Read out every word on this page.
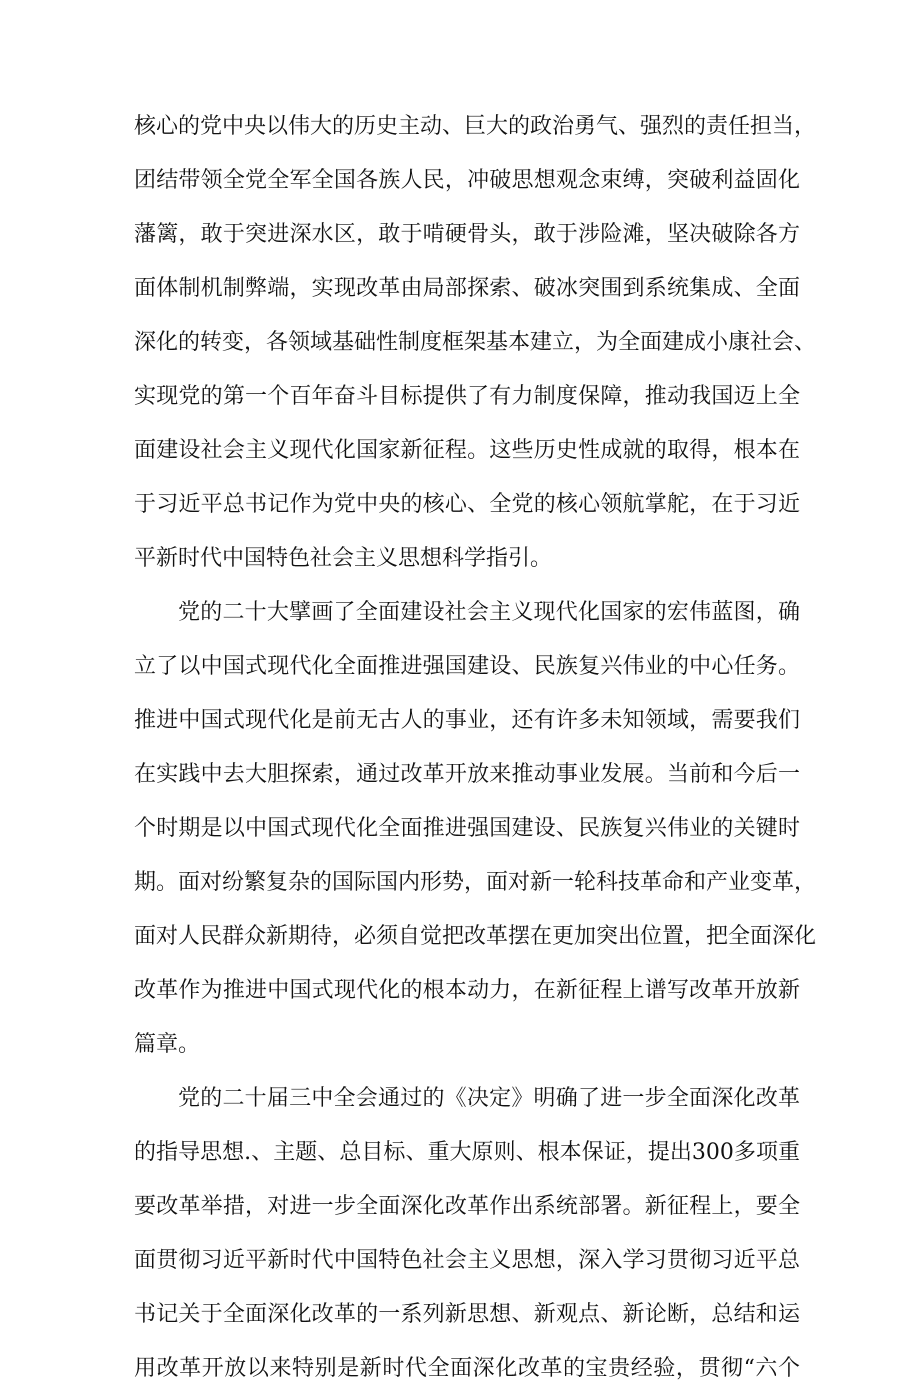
核心的党中央以伟大的历史主动、巨大的政治勇气、强烈的责任担当，
团结带领全党全军全国各族人民，冲破思想观念束缚，突破利益固化
藩篱，敢于突进深水区，敢于啃硬骨头，敢于涉险滩，坚决破除各方
面体制机制弊端，实现改革由局部探索、破冰突围到系统集成、全面
深化的转变，各领域基础性制度框架基本建立，为全面建成小康社会、
实现党的第一个百年奋斗目标提供了有力制度保障，推动我国迈上全
面建设社会主义现代化国家新征程。这些历史性成就的取得，根本在
于习近平总书记作为党中央的核心、全党的核心领航掌舵，在于习近
平新时代中国特色社会主义思想科学指引。
党的二十大擘画了全面建设社会主义现代化国家的宏伟蓝图，确
立了以中国式现代化全面推进强国建设、民族复兴伟业的中心任务。
推进中国式现代化是前无古人的事业，还有许多未知领域，需要我们
在实践中去大胆探索，通过改革开放来推动事业发展。当前和今后一
个时期是以中国式现代化全面推进强国建设、民族复兴伟业的关键时
期。面对纷繁复杂的国际国内形势，面对新一轮科技革命和产业变革，
面对人民群众新期待，必须自觉把改革摆在更加突出位置，把全面深化
改革作为推进中国式现代化的根本动力，在新征程上谱写改革开放新
篇章。
党的二十届三中全会通过的《决定》明确了进一步全面深化改革
的指导思想.、主题、总目标、重大原则、根本保证，提出300多项重
要改革举措，对进一步全面深化改革作出系统部署。新征程上，要全
面贯彻习近平新时代中国特色社会主义思想，深入学习贯彻习近平总
书记关于全面深化改革的一系列新思想、新观点、新论断，总结和运
用改革开放以来特别是新时代全面深化改革的宝贵经验，贯彻“六个
